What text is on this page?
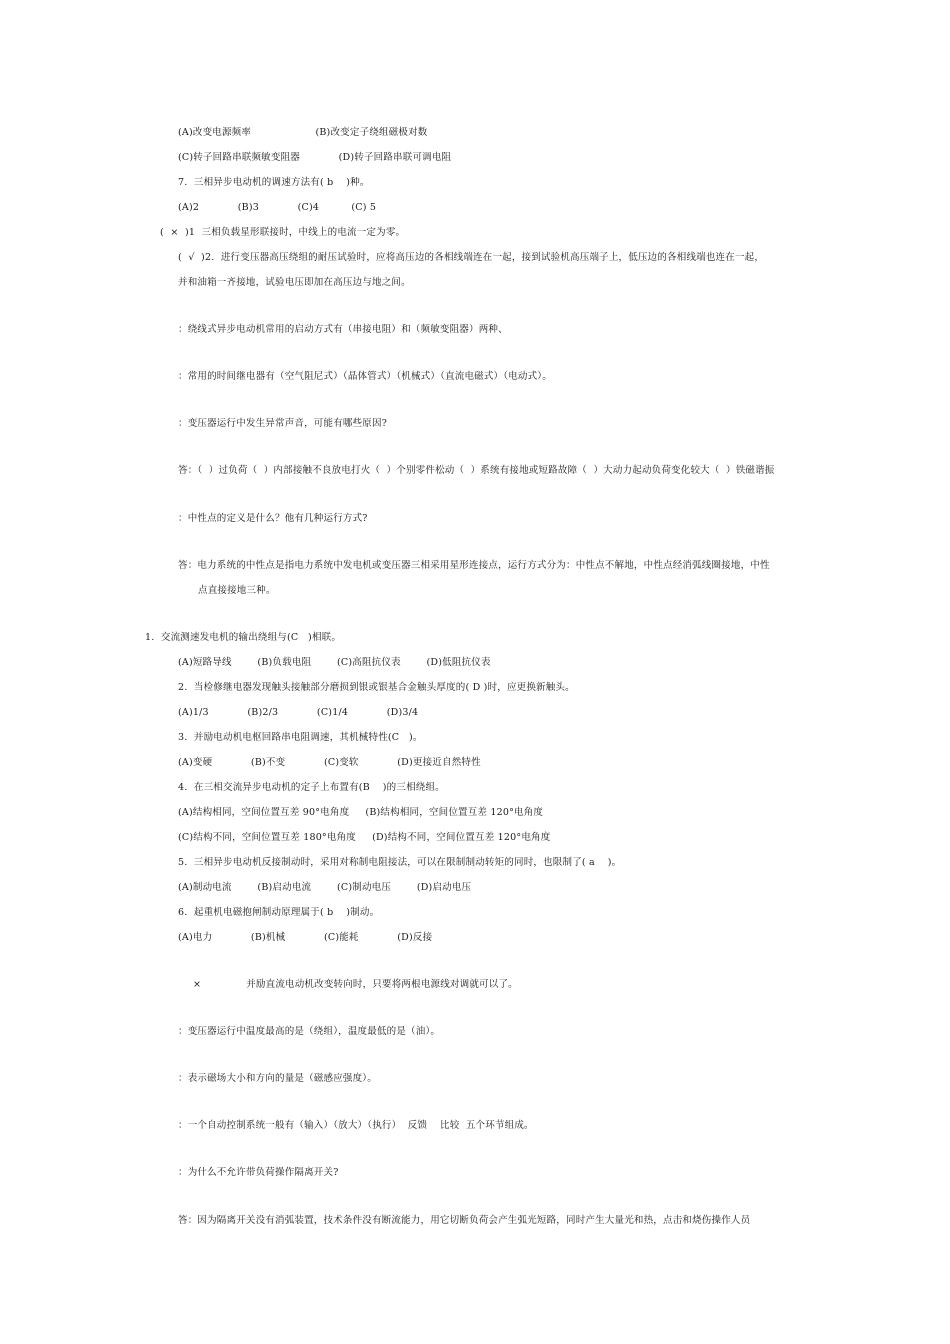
(A)改变电源频率                    (B)改变定子绕组磁极对数
(C)转子回路串联频敏变阻器            (D)转子回路串联可调电阻
7.  三相异步电动机的调速方法有( b    )种。
(A)2            (B)3            (C)4          (C) 5
(  ×  )1  三相负载星形联接时，中线上的电流一定为零。
(  √  )2.  进行变压器高压绕组的耐压试验时，应将高压边的各相线端连在一起，接到试验机高压端子上，低压边的各相线端也连在一起，
并和油箱一齐接地，试验电压即加在高压边与地之间。
：绕线式异步电动机常用的启动方式有（串接电阻）和（频敏变阻器）两种、
：常用的时间继电器有（空气阻尼式）（晶体管式）（机械式）（直流电磁式）（电动式）。
：变压器运行中发生异常声音，可能有哪些原因?
答：（  ）过负荷（  ）内部接触不良放电打火（  ）个别零件松动（  ）系统有接地或短路故障（  ）大动力起动负荷变化较大（  ）铁磁谐振
：中性点的定义是什么？他有几种运行方式?
答：电力系统的中性点是指电力系统中发电机或变压器三相采用星形连接点，运行方式分为：中性点不解地，中性点经消弧线圈接地，中性
点直接接地三种。
1.  交流测速发电机的输出绕组与(C   )相联。
(A)短路导线        (B)负载电阻        (C)高阻抗仪表        (D)低阻抗仪表
2.  当检修继电器发现触头接触部分磨损到银或银基合金触头厚度的( D )时，应更换新触头。
(A)1/3            (B)2/3            (C)1/4            (D)3/4
3.  并励电动机电枢回路串电阻调速，其机械特性(C   )。
(A)变硬            (B)不变            (C)变软            (D)更接近自然特性
4.  在三相交流异步电动机的定子上布置有(B    )的三相绕组。
(A)结构相同，空间位置互差 90°电角度     (B)结构相同，空间位置互差 120°电角度
(C)结构不同，空间位置互差 180°电角度     (D)结构不同，空间位置互差 120°电角度
5.  三相异步电动机反接制动时，采用对称制电阻接法，可以在限制制动转矩的同时，也限制了( a    )。
(A)制动电流        (B)启动电流        (C)制动电压        (D)启动电压
6.  起重机电磁抱闸制动原理属于( b    )制动。
(A)电力            (B)机械            (C)能耗            (D)反接
×              并励直流电动机改变转向时，只要将两根电源线对调就可以了。
：变压器运行中温度最高的是（绕组），温度最低的是（油）。
：表示磁场大小和方向的量是（磁感应强度）。
：一个自动控制系统一般有（输入）（放大）（执行）  反馈    比较  五个环节组成。
：为什么不允许带负荷操作隔离开关?
答：因为隔离开关没有消弧装置，技术条件没有断流能力，用它切断负荷会产生弧光短路，同时产生大量光和热，点击和烧伤操作人员
